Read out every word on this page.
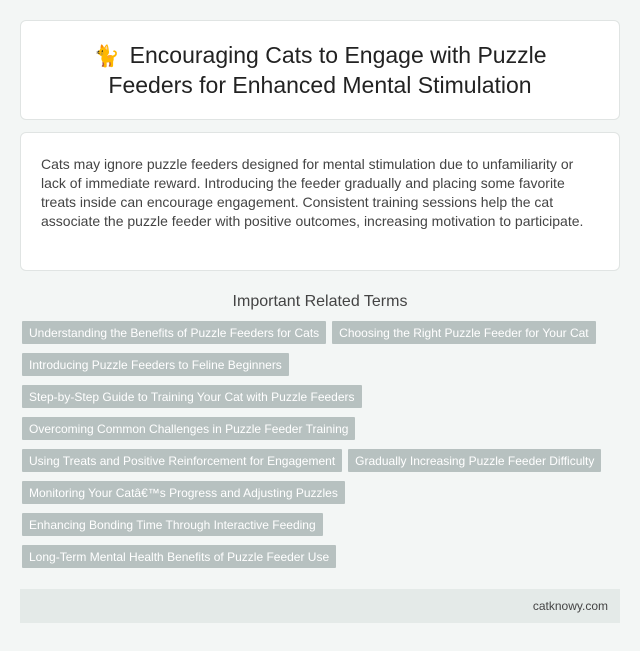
🐈 Encouraging Cats to Engage with Puzzle Feeders for Enhanced Mental Stimulation

Cats may ignore puzzle feeders designed for mental stimulation due to unfamiliarity or lack of immediate reward. Introducing the feeder gradually and placing some favorite treats inside can encourage engagement. Consistent training sessions help the cat associate the puzzle feeder with positive outcomes, increasing motivation to participate.

Important Related Terms
Understanding the Benefits of Puzzle Feeders for Cats Choosing the Right Puzzle Feeder for Your CatIntroducing Puzzle Feeders to Feline Beginners
Step-by-Step Guide to Training Your Cat with Puzzle Feeders
Overcoming Common Challenges in Puzzle Feeder Training
Using Treats and Positive Reinforcement for Engagement Gradually Increasing Puzzle Feeder Difficulty
Monitoring Your Catâ€™s Progress and Adjusting Puzzles
Enhancing Bonding Time Through Interactive Feeding
Long-Term Mental Health Benefits of Puzzle Feeder Use
catknowy.com
